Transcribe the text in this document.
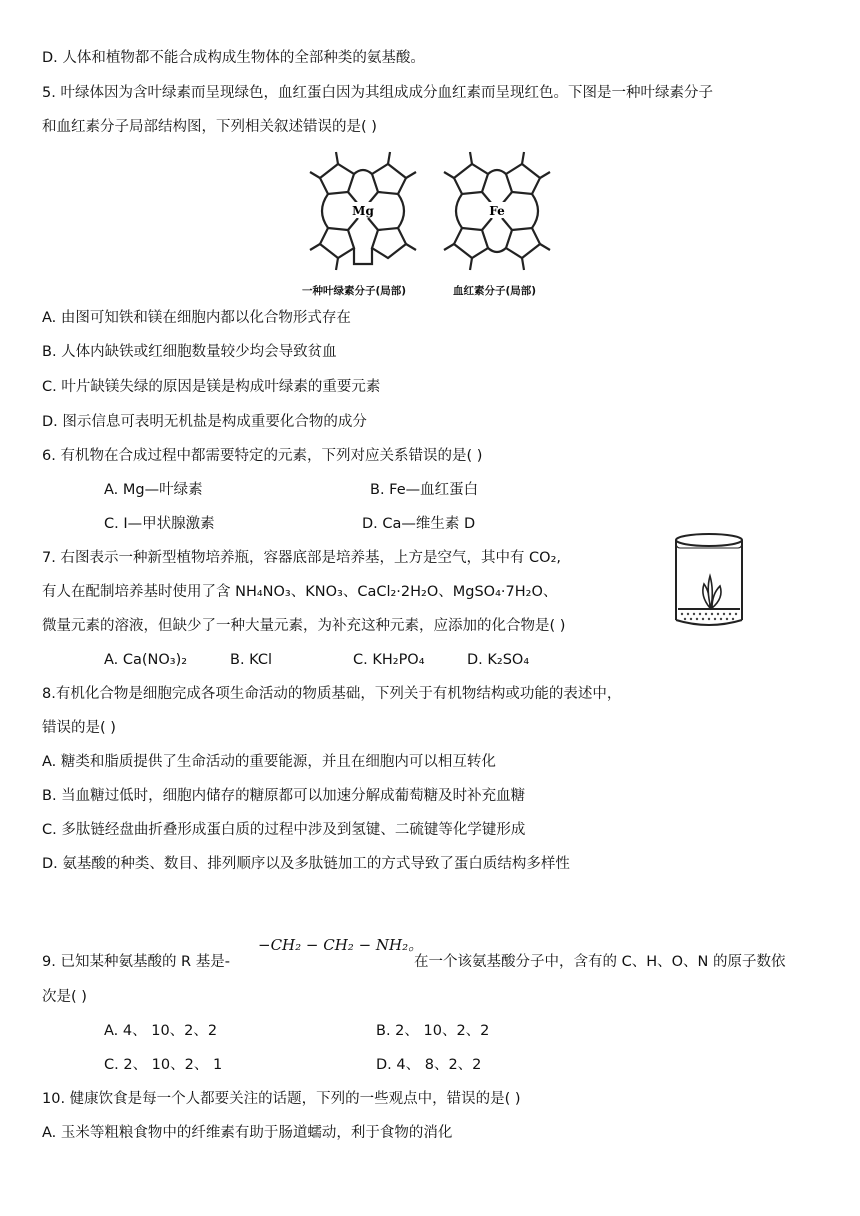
D. 人体和植物都不能合成构成生物体的全部种类的氨基酸。
5. 叶绿体因为含叶绿素而呈现绿色，血红蛋白因为其组成成分血红素而呈现红色。下图是一种叶绿素分子
和血红素分子局部结构图，下列相关叙述错误的是( )
Mg
一种叶绿素分子(局部)
Fe
血红素分子(局部)
A. 由图可知铁和镁在细胞内都以化合物形式存在
B. 人体内缺铁或红细胞数量较少均会导致贫血
C. 叶片缺镁失绿的原因是镁是构成叶绿素的重要元素
D. 图示信息可表明无机盐是构成重要化合物的成分
6. 有机物在合成过程中都需要特定的元素，下列对应关系错误的是( )
A. Mg—叶绿素	B. Fe—血红蛋白
C. I—甲状腺激素	D. Ca—维生素 D
7. 右图表示一种新型植物培养瓶，容器底部是培养基，上方是空气，其中有 CO₂,
有人在配制培养基时使用了含 NH₄NO₃、KNO₃、CaCl₂·2H₂O、MgSO₄·7H₂O、
微量元素的溶液，但缺少了一种大量元素，为补充这种元素，应添加的化合物是( )
A. Ca(NO₃)₂	B. KCl	C. KH₂PO₄	D. K₂SO₄
8.有机化合物是细胞完成各项生命活动的物质基础，下列关于有机物结构或功能的表述中，
错误的是( )
A. 糖类和脂质提供了生命活动的重要能源，并且在细胞内可以相互转化
B. 当血糖过低时，细胞内储存的糖原都可以加速分解成葡萄糖及时补充血糖
C. 多肽链经盘曲折叠形成蛋白质的过程中涉及到氢键、二硫键等化学键形成
D. 氨基酸的种类、数目、排列顺序以及多肽链加工的方式导致了蛋白质结构多样性
−CH₂ − CH₂ − NH₂。
9. 已知某种氨基酸的 R 基是-	在一个该氨基酸分子中，含有的 C、H、O、N 的原子数依
次是( )
A. 4、 10、2、2	B. 2、 10、2、2
C. 2、 10、2、 1	D. 4、 8、2、2
10. 健康饮食是每一个人都要关注的话题，下列的一些观点中，错误的是( )
A. 玉米等粗粮食物中的纤维素有助于肠道蠕动，利于食物的消化
